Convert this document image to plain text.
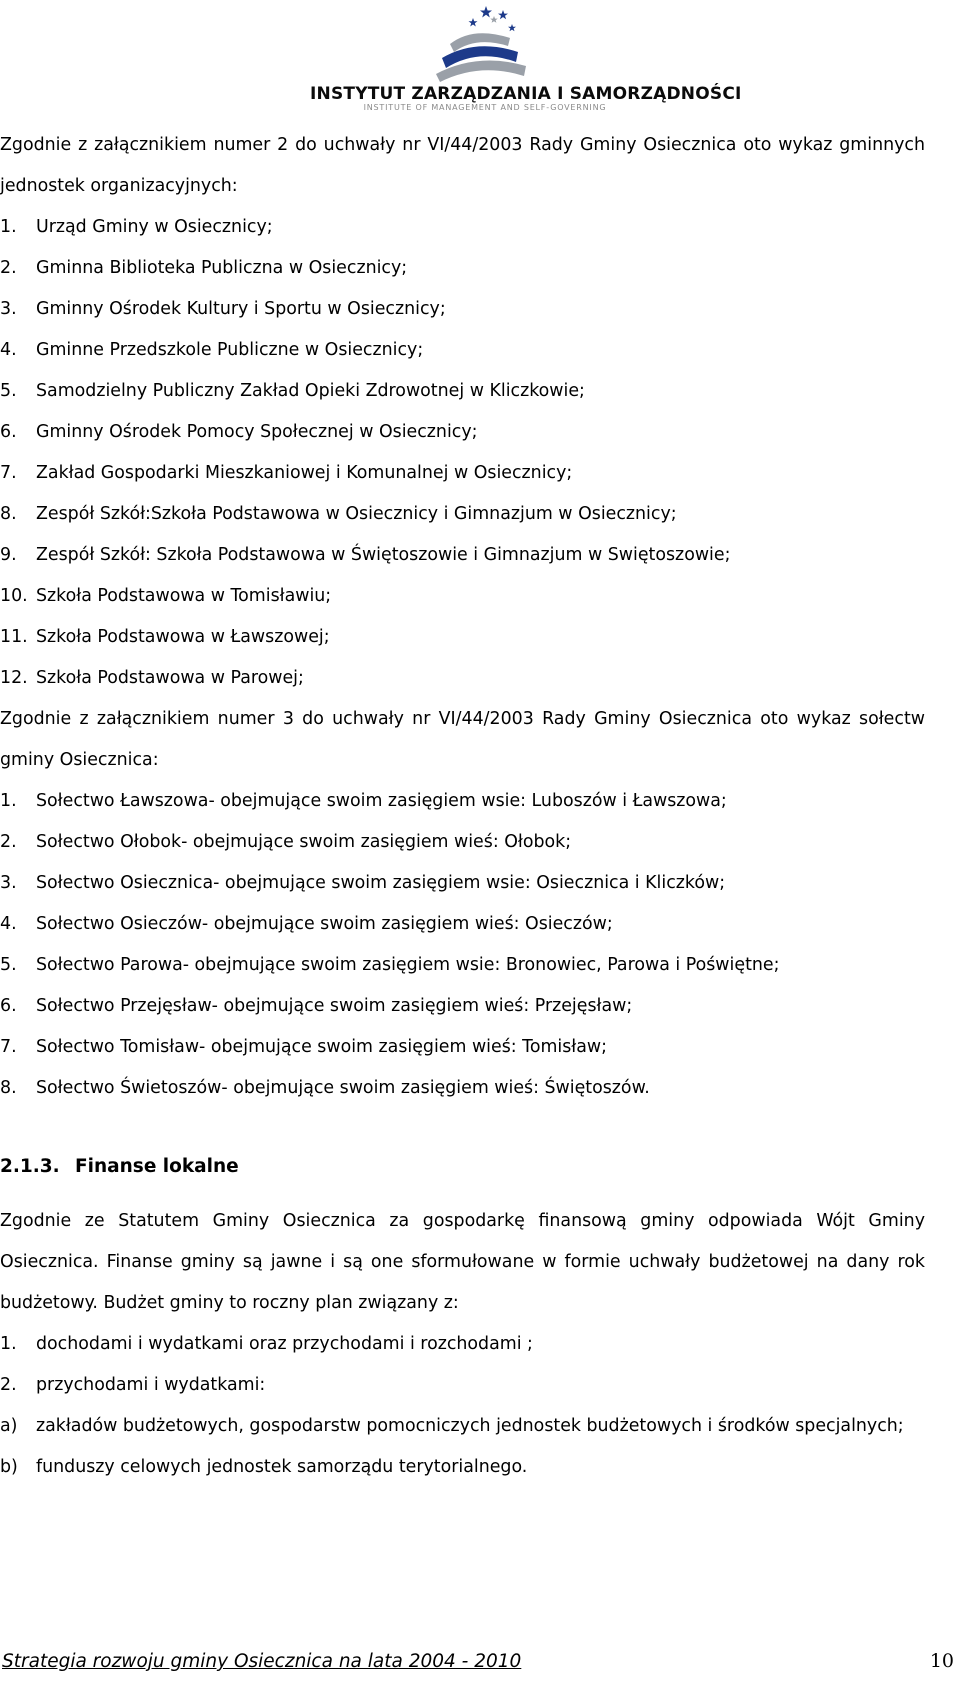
INSTYTUT ZARZĄDZANIA I SAMORZĄDNOŚCI
INSTITUTE OF MANAGEMENT AND SELF-GOVERNING

Zgodnie z załącznikiem numer 2 do uchwały nr VI/44/2003 Rady Gminy Osiecznica oto wykaz gminnych jednostek organizacyjnych:

1. Urząd Gminy w Osiecznicy;

2. Gminna Biblioteka Publiczna w Osiecznicy;

3. Gminny Ośrodek Kultury i Sportu w Osiecznicy;

4. Gminne Przedszkole Publiczne w Osiecznicy;

5. Samodzielny Publiczny Zakład Opieki Zdrowotnej w Kliczkowie;

6. Gminny Ośrodek Pomocy Społecznej w Osiecznicy;

7. Zakład Gospodarki Mieszkaniowej i Komunalnej w Osiecznicy;

8. Zespół Szkół:Szkoła Podstawowa w Osiecznicy i Gimnazjum w Osiecznicy;

9. Zespół Szkół: Szkoła Podstawowa w Świętoszowie i Gimnazjum w Swiętoszowie;

10. Szkoła Podstawowa w Tomisławiu;

11. Szkoła Podstawowa w Ławszowej;

12. Szkoła Podstawowa w Parowej;

Zgodnie z załącznikiem numer 3 do uchwały nr VI/44/2003 Rady Gminy Osiecznica oto wykaz sołectw gminy Osiecznica:

1. Sołectwo Ławszowa- obejmujące swoim zasięgiem wsie: Luboszów i Ławszowa;

2. Sołectwo Ołobok- obejmujące swoim zasięgiem wieś: Ołobok;

3. Sołectwo Osiecznica- obejmujące swoim zasięgiem wsie: Osiecznica i Kliczków;

4. Sołectwo Osieczów- obejmujące swoim zasięgiem wieś: Osieczów;

5. Sołectwo Parowa- obejmujące swoim zasięgiem wsie: Bronowiec, Parowa i Poświętne;

6. Sołectwo Przejęsław- obejmujące swoim zasięgiem wieś: Przejęsław;

7. Sołectwo Tomisław- obejmujące swoim zasięgiem wieś: Tomisław;

8. Sołectwo Świetoszów- obejmujące swoim zasięgiem wieś: Świętoszów.

2.1.3. Finanse lokalne

Zgodnie ze Statutem Gminy Osiecznica za gospodarkę finansową gminy odpowiada Wójt Gminy Osiecznica. Finanse gminy są jawne i są one sformułowane w formie uchwały budżetowej na dany rok budżetowy. Budżet gminy to roczny plan związany z:

1. dochodami i wydatkami oraz przychodami i rozchodami ;

2. przychodami i wydatkami:

a) zakładów budżetowych, gospodarstw pomocniczych jednostek budżetowych i środków specjalnych;

b) funduszy celowych jednostek samorządu terytorialnego.

Strategia rozwoju gminy Osiecznica na lata 2004 - 2010	10
